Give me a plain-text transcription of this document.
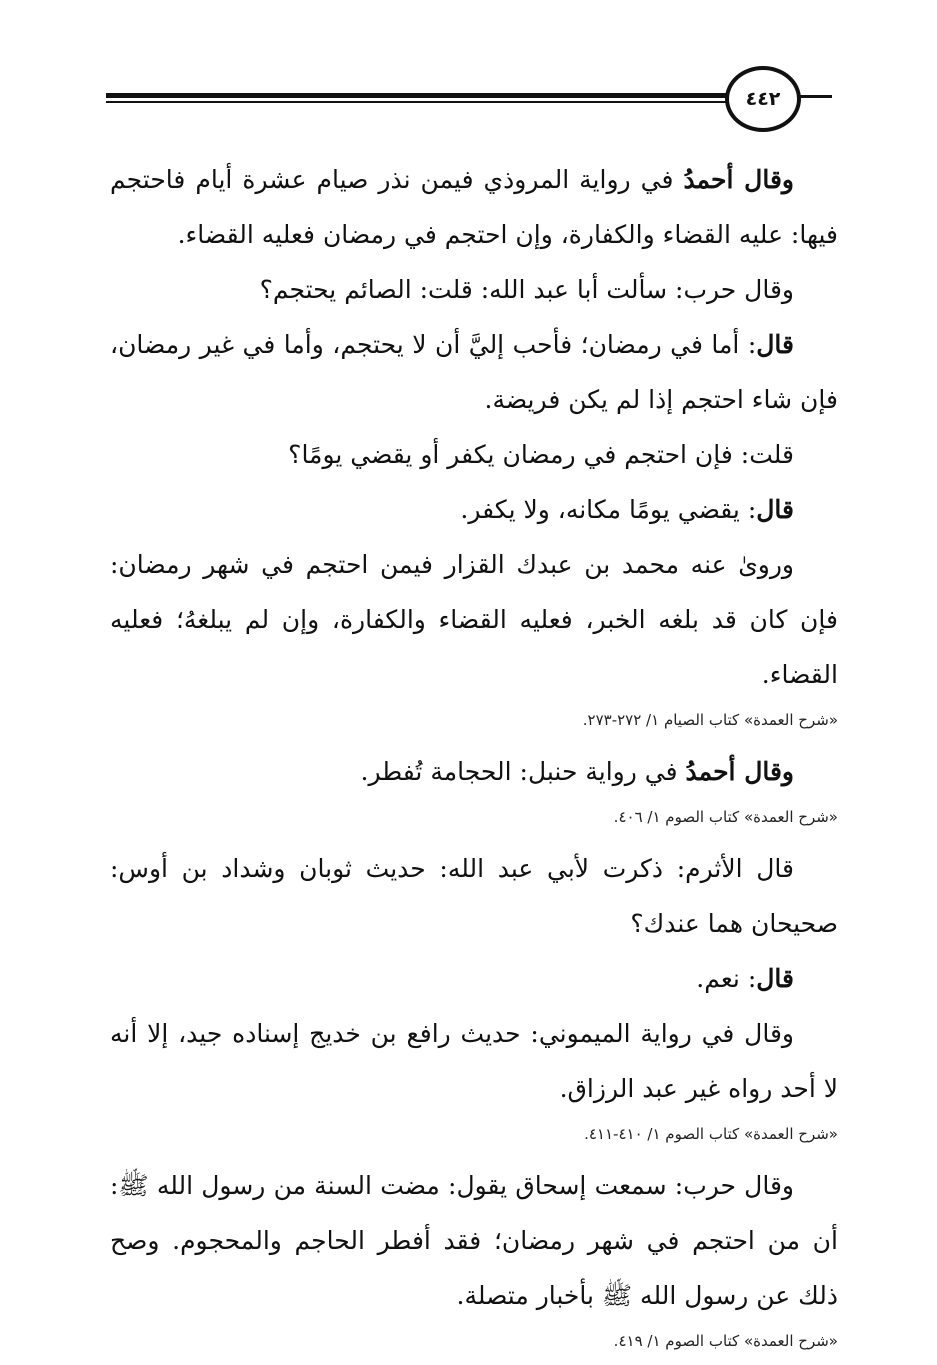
٤٤٢

وقال أحمدُ في رواية المروذي فيمن نذر صيام عشرة أيام فاحتجم فيها: عليه القضاء والكفارة، وإن احتجم في رمضان فعليه القضاء.

وقال حرب: سألت أبا عبد الله: قلت: الصائم يحتجم؟

قال: أما في رمضان؛ فأحب إليَّ أن لا يحتجم، وأما في غير رمضان، فإن شاء احتجم إذا لم يكن فريضة.

قلت: فإن احتجم في رمضان يكفر أو يقضي يومًا؟

قال: يقضي يومًا مكانه، ولا يكفر.

وروىٰ عنه محمد بن عبدك القزار فيمن احتجم في شهر رمضان: فإن كان قد بلغه الخبر، فعليه القضاء والكفارة، وإن لم يبلغهُ؛ فعليه القضاء.

«شرح العمدة» كتاب الصيام ١/ ٢٧٢-٢٧٣.

وقال أحمدُ في رواية حنبل: الحجامة تُفطر.

«شرح العمدة» كتاب الصوم ١/ ٤٠٦.

قال الأثرم: ذكرت لأبي عبد الله: حديث ثوبان وشداد بن أوس: صحيحان هما عندك؟

قال: نعم.

وقال في رواية الميموني: حديث رافع بن خديج إسناده جيد، إلا أنه لا أحد رواه غير عبد الرزاق.

«شرح العمدة» كتاب الصوم ١/ ٤١٠-٤١١.

وقال حرب: سمعت إسحاق يقول: مضت السنة من رسول الله ﷺ: أن من احتجم في شهر رمضان؛ فقد أفطر الحاجم والمحجوم. وصح ذلك عن رسول الله ﷺ بأخبار متصلة.

«شرح العمدة» كتاب الصوم ١/ ٤١٩.
